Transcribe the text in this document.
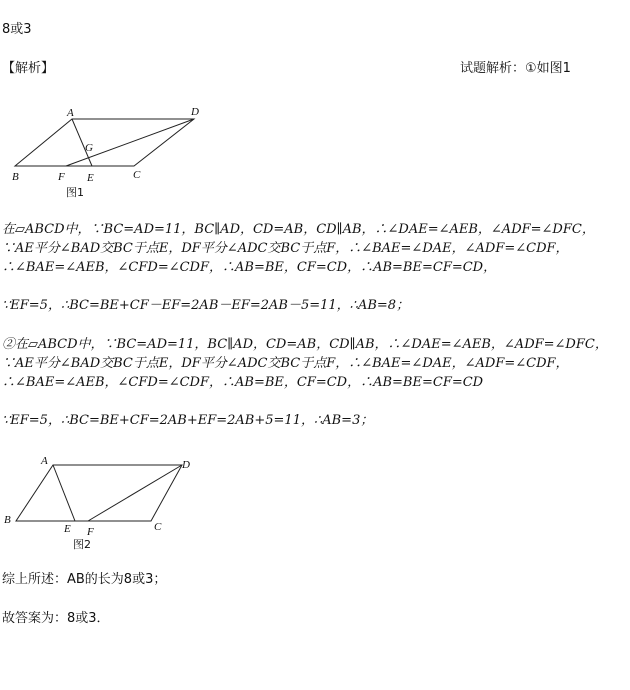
8或3
【解析】	试题解析：①如图1
A	D
G
B	F E	C
图1
A	D
B
E F	C
图2
在▱ABCD中，∵BC=AD=11，BC∥AD，CD=AB，CD∥AB，∴∠DAE=∠AEB，∠ADF=∠DFC，∵AE平分∠BAD交BC于点E，DF平分∠ADC交BC于点F，∴∠BAE=∠DAE，∠ADF=∠CDF，∴∠BAE=∠AEB，∠CFD=∠CDF，∴AB=BE，CF=CD，∴AB=BE=CF=CD，
∵EF=5，∴BC=BE+CF－EF=2AB－EF=2AB－5=11，∴AB=8；
②在▱ABCD中，∵BC=AD=11，BC∥AD，CD=AB，CD∥AB，∴∠DAE=∠AEB，∠ADF=∠DFC，∵AE平分∠BAD交BC于点E，DF平分∠ADC交BC于点F，∴∠BAE=∠DAE，∠ADF=∠CDF，∴∠BAE=∠AEB，∠CFD=∠CDF，∴AB=BE，CF=CD，∴AB=BE=CF=CD
∵EF=5，∴BC=BE+CF=2AB+EF=2AB+5=11，∴AB=3；
综上所述：AB的长为8或3；
故答案为：8或3．
